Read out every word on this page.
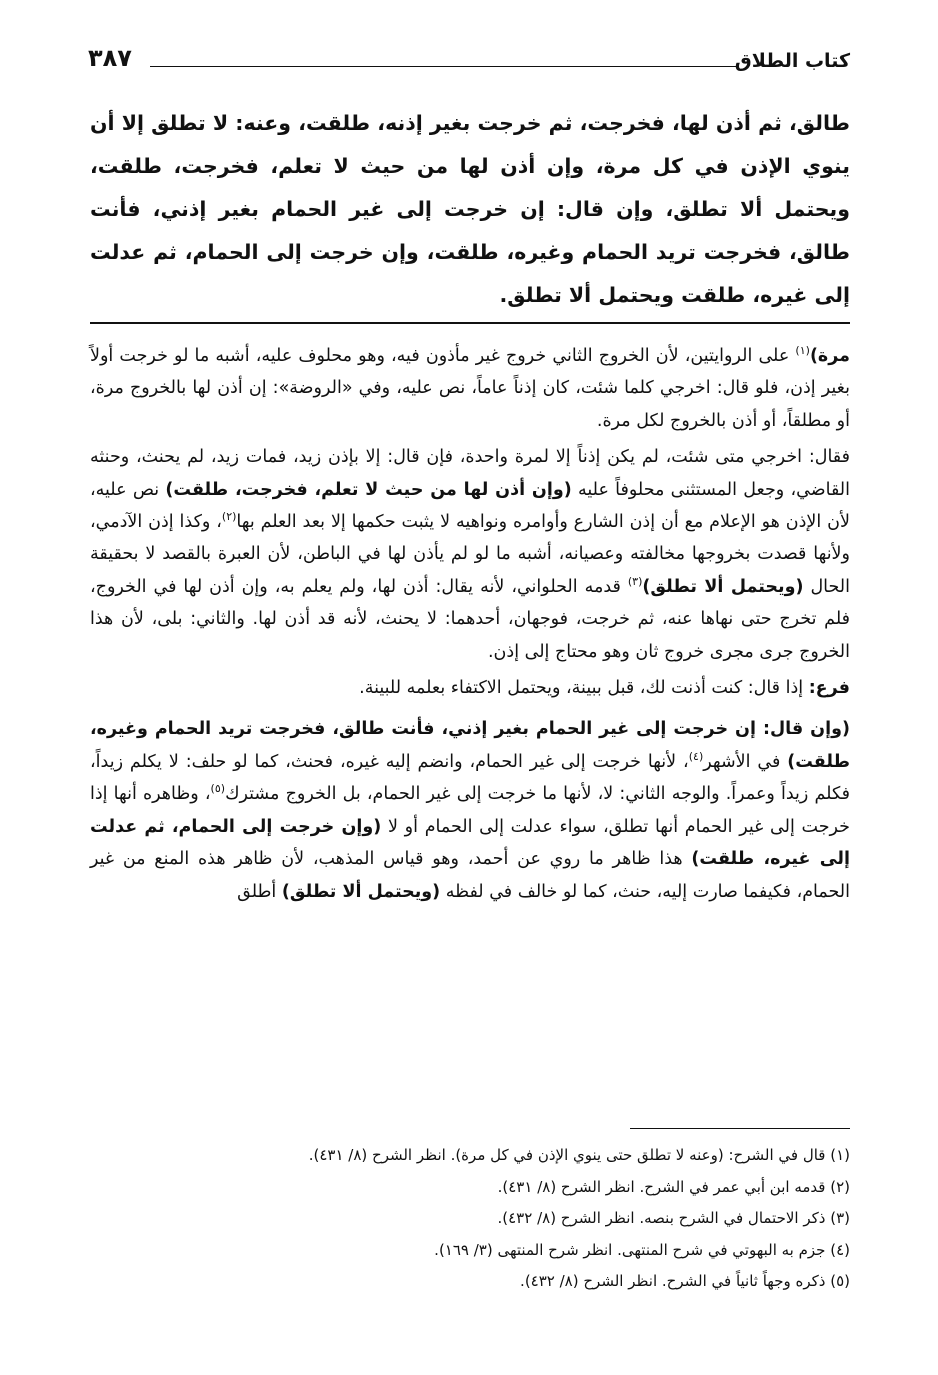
كتاب الطلاق
٣٨٧
طالق، ثم أذن لها، فخرجت، ثم خرجت بغير إذنه، طلقت، وعنه: لا تطلق إلا أن ينوي الإذن في كل مرة، وإن أذن لها من حيث لا تعلم، فخرجت، طلقت، ويحتمل ألا تطلق، وإن قال: إن خرجت إلى غير الحمام بغير إذني، فأنت طالق، فخرجت تريد الحمام وغيره، طلقت، وإن خرجت إلى الحمام، ثم عدلت إلى غيره، طلقت ويحتمل ألا تطلق.

مرة)$^{(١)}$ على الروايتين، لأن الخروج الثاني خروج غير مأذون فيه، وهو محلوف عليه، أشبه ما لو خرجت أولاً بغير إذن، فلو قال: اخرجي كلما شئت، كان إذناً عاماً، نص عليه، وفي «الروضة»: إن أذن لها بالخروج مرة، أو مطلقاً، أو أذن بالخروج لكل مرة.

فقال: اخرجي متى شئت، لم يكن إذناً إلا لمرة واحدة، فإن قال: إلا بإذن زيد، فمات زيد، لم يحنث، وحنثه القاضي، وجعل المستثنى محلوفاً عليه (وإن أذن لها من حيث لا تعلم، فخرجت، طلقت) نص عليه، لأن الإذن هو الإعلام مع أن إذن الشارع وأوامره ونواهيه لا يثبت حكمها إلا بعد العلم بها$^{(٢)}$، وكذا إذن الآدمي، ولأنها قصدت بخروجها مخالفته وعصيانه، أشبه ما لو لم يأذن لها في الباطن، لأن العبرة بالقصد لا بحقيقة الحال (ويحتمل ألا تطلق)$^{(٣)}$ قدمه الحلواني، لأنه يقال: أذن لها، ولم يعلم به، وإن أذن لها في الخروج، فلم تخرج حتى نهاها عنه، ثم خرجت، فوجهان، أحدهما: لا يحنث، لأنه قد أذن لها. والثاني: بلى، لأن هذا الخروج جرى مجرى خروج ثان وهو محتاج إلى إذن.

فرع: إذا قال: كنت أذنت لك، قبل ببينة، ويحتمل الاكتفاء بعلمه للبينة.

(وإن قال: إن خرجت إلى غير الحمام بغير إذني، فأنت طالق، فخرجت تريد الحمام وغيره، طلقت) في الأشهر$^{(٤)}$، لأنها خرجت إلى غير الحمام، وانضم إليه غيره، فحنث، كما لو حلف: لا يكلم زيداً، فكلم زيداً وعمراً. والوجه الثاني: لا، لأنها ما خرجت إلى غير الحمام، بل الخروج مشترك$^{(٥)}$، وظاهره أنها إذا خرجت إلى غير الحمام أنها تطلق، سواء عدلت إلى الحمام أو لا (وإن خرجت إلى الحمام، ثم عدلت إلى غيره، طلقت) هذا ظاهر ما روي عن أحمد، وهو قياس المذهب، لأن ظاهر هذه المنع من غير الحمام، فكيفما صارت إليه، حنث، كما لو خالف في لفظه (ويحتمل ألا تطلق) أطلق

(١) قال في الشرح: (وعنه لا تطلق حتى ينوي الإذن في كل مرة). انظر الشرح (٨/ ٤٣١).
(٢) قدمه ابن أبي عمر في الشرح. انظر الشرح (٨/ ٤٣١).
(٣) ذكر الاحتمال في الشرح بنصه. انظر الشرح (٨/ ٤٣٢).
(٤) جزم به البهوتي في شرح المنتهى. انظر شرح المنتهى (٣/ ١٦٩).
(٥) ذكره وجهاً ثانياً في الشرح. انظر الشرح (٨/ ٤٣٢).
